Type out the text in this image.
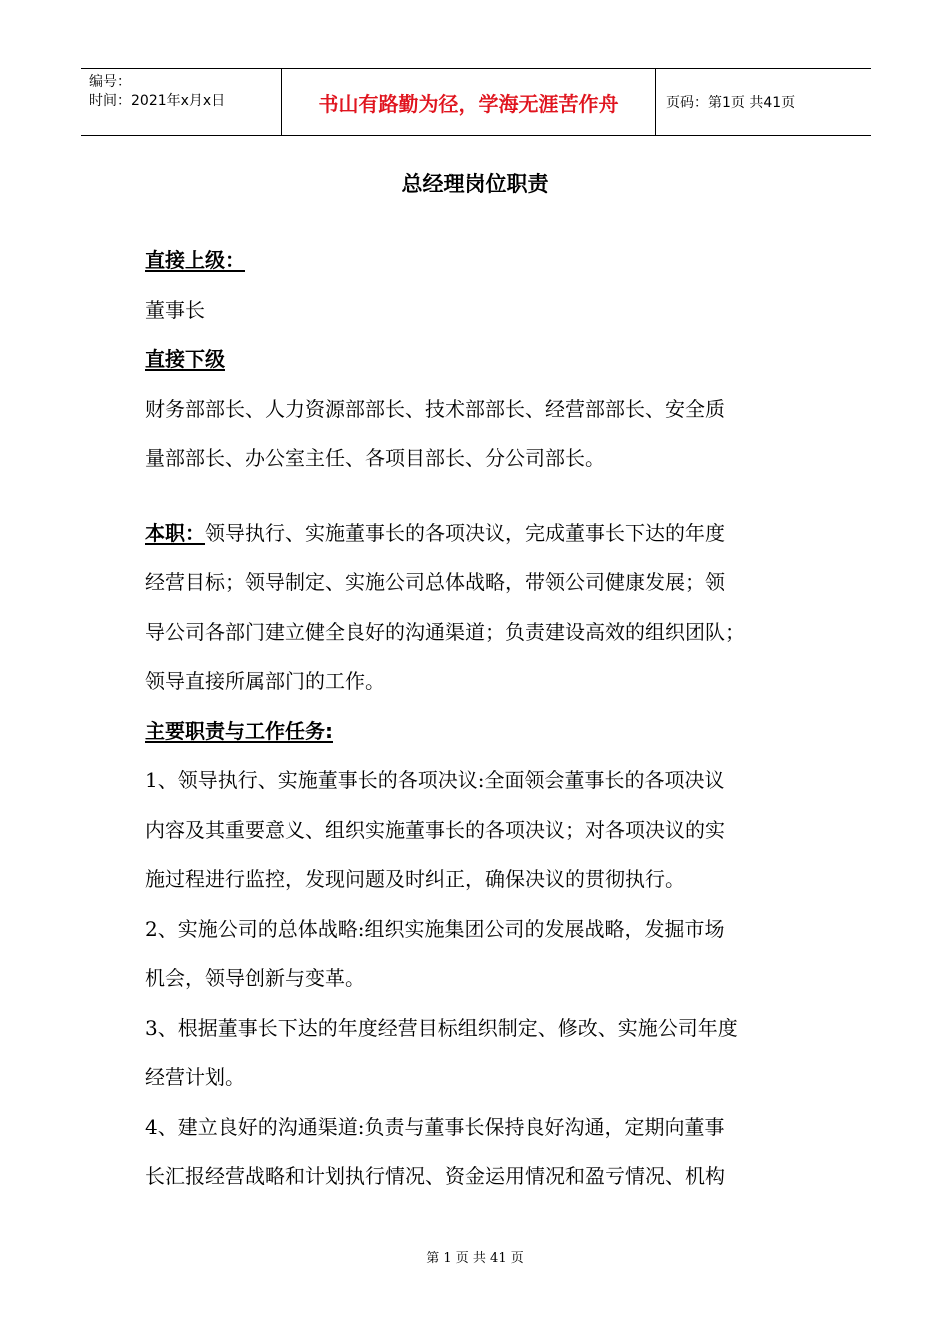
编号：
时间：2021年x月x日	书山有路勤为径，学海无涯苦作舟	页码：第1页 共41页
总经理岗位职责
直接上级：
董事长
直接下级
财务部部长、人力资源部部长、技术部部长、经营部部长、安全质
量部部长、办公室主任、各项目部长、分公司部长。
本职：领导执行、实施董事长的各项决议，完成董事长下达的年度
经营目标；领导制定、实施公司总体战略，带领公司健康发展；领
导公司各部门建立健全良好的沟通渠道；负责建设高效的组织团队；
领导直接所属部门的工作。
主要职责与工作任务:
1、领导执行、实施董事长的各项决议:全面领会董事长的各项决议
内容及其重要意义、组织实施董事长的各项决议；对各项决议的实
施过程进行监控，发现问题及时纠正，确保决议的贯彻执行。
2、实施公司的总体战略:组织实施集团公司的发展战略，发掘市场
机会，领导创新与变革。
3、根据董事长下达的年度经营目标组织制定、修改、实施公司年度
经营计划。
4、建立良好的沟通渠道:负责与董事长保持良好沟通，定期向董事
长汇报经营战略和计划执行情况、资金运用情况和盈亏情况、机构
第 1 页 共 41 页
